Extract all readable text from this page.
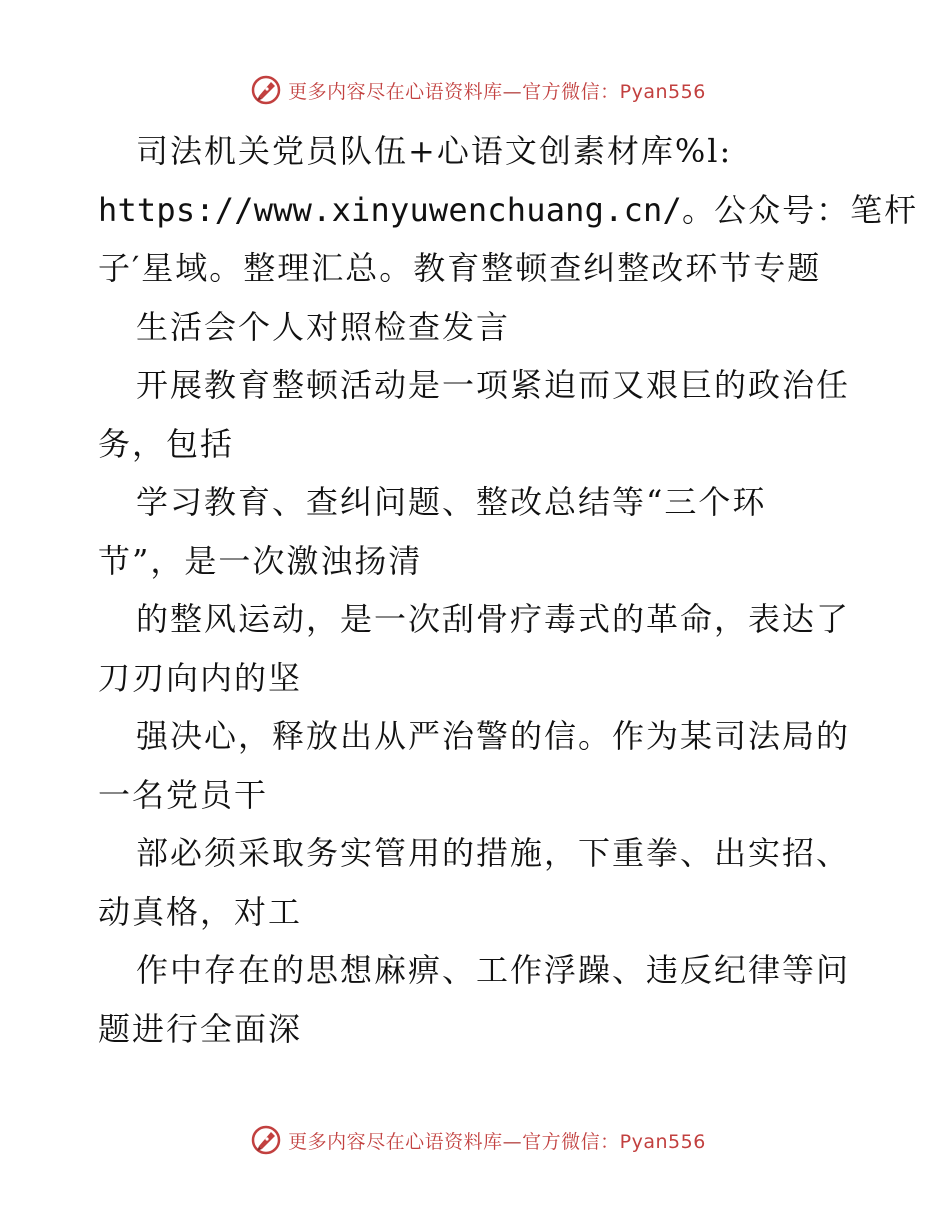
更多内容尽在心语资料库—官方微信：Pyan556
司法机关党员队伍+心语文创素材库%l:
https://www.xinyuwenchuang.cn/。公众号：笔杆
子′星域。整理汇总。教育整顿查纠整改环节专题
生活会个人对照检查发言
开展教育整顿活动是一项紧迫而又艰巨的政治任
务，包括
学习教育、查纠问题、整改总结等“三个环
节”，是一次激浊扬清
的整风运动，是一次刮骨疗毒式的革命，表达了
刀刃向内的坚
强决心，释放出从严治警的信。作为某司法局的
一名党员干
部必须采取务实管用的措施，下重拳、出实招、
动真格，对工
作中存在的思想麻痹、工作浮躁、违反纪律等问
题进行全面深
更多内容尽在心语资料库—官方微信：Pyan556
